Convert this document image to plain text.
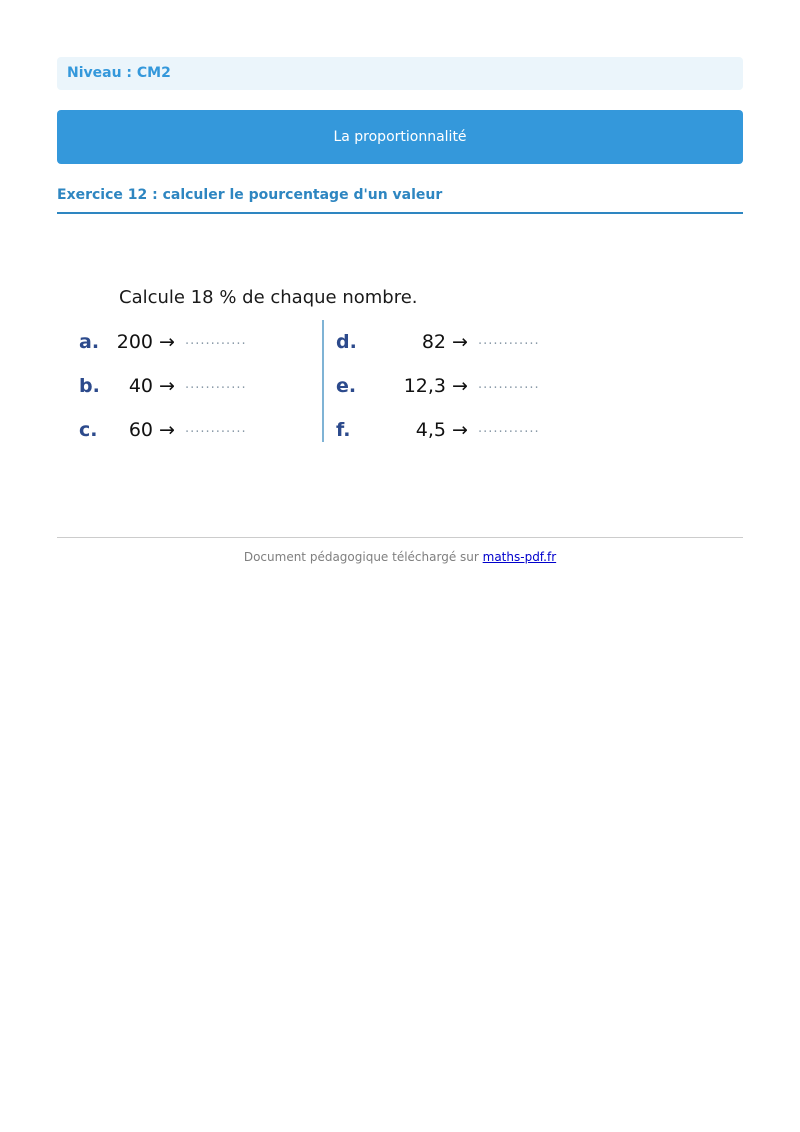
Niveau : CM2
La proportionnalité
Exercice 12 : calculer le pourcentage d'un valeur
Calcule 18 % de chaque nombre.
a. 200 → ............
b.	40 → ............
c.	60 → ............
d.	82 → ............
e.	12,3 → ............
f.	4,5 → ............
Document pédagogique téléchargé sur maths-pdf.fr
